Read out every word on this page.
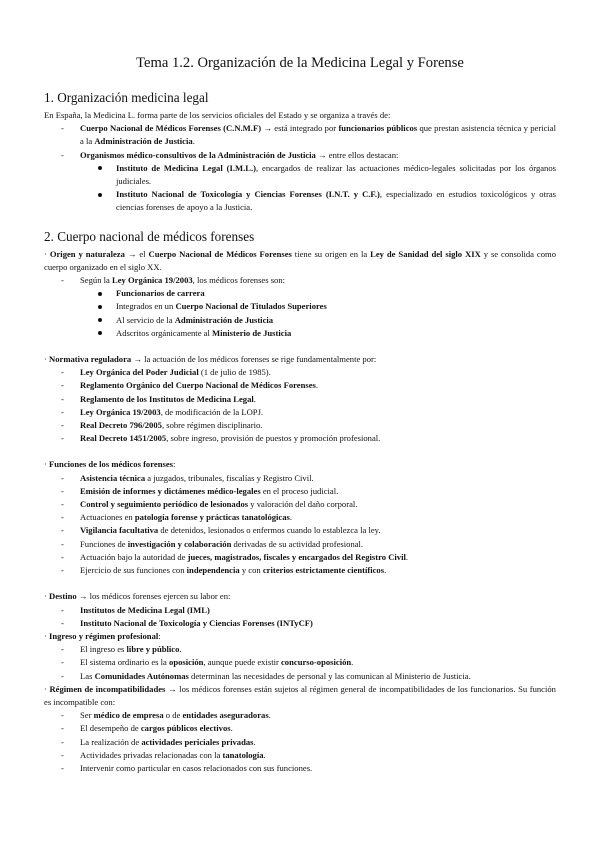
Tema 1.2. Organización de la Medicina Legal y Forense
1. Organización medicina legal

En España, la Medicina L. forma parte de los servicios oficiales del Estado y se organiza a través de:

- Cuerpo Nacional de Médicos Forenses (C.N.M.F) → está integrado por funcionarios públicos que prestan asistencia técnica y pericial a la Administración de Justicia.
- Organismos médico-consultivos de la Administración de Justicia → entre ellos destacan:
Instituto de Medicina Legal (I.M.L.), encargados de realizar las actuaciones médico-legales solicitadas por los órganos judiciales.
Instituto Nacional de Toxicología y Ciencias Forenses (I.N.T. y C.F.), especializado en estudios toxicológicos y otras ciencias forenses de apoyo a la Justicia.
2. Cuerpo nacional de médicos forenses

· Origen y naturaleza → el Cuerpo Nacional de Médicos Forenses tiene su origen en la Ley de Sanidad del siglo XIX y se consolida como cuerpo organizado en el siglo XX.

- Según la Ley Orgánica 19/2003, los médicos forenses son:
Funcionarios de carrera
Integrados en un Cuerpo Nacional de Titulados Superiores
Al servicio de la Administración de Justicia
Adscritos orgánicamente al Ministerio de Justicia

· Normativa reguladora → la actuación de los médicos forenses se rige fundamentalmente por:

- Ley Orgánica del Poder Judicial (1 de julio de 1985).
- Reglamento Orgánico del Cuerpo Nacional de Médicos Forenses.
- Reglamento de los Institutos de Medicina Legal.
- Ley Orgánica 19/2003, de modificación de la LOPJ.
- Real Decreto 796/2005, sobre régimen disciplinario.
- Real Decreto 1451/2005, sobre ingreso, provisión de puestos y promoción profesional.

· Funciones de los médicos forenses:

- Asistencia técnica a juzgados, tribunales, fiscalías y Registro Civil.
- Emisión de informes y dictámenes médico-legales en el proceso judicial.
- Control y seguimiento periódico de lesionados y valoración del daño corporal.
- Actuaciones en patología forense y prácticas tanatológicas.
- Vigilancia facultativa de detenidos, lesionados o enfermos cuando lo establezca la ley.
- Funciones de investigación y colaboración derivadas de su actividad profesional.
- Actuación bajo la autoridad de jueces, magistrados, fiscales y encargados del Registro Civil.
- Ejercicio de sus funciones con independencia y con criterios estrictamente científicos.

· Destino → los médicos forenses ejercen su labor en:

- Institutos de Medicina Legal (IML)
- Instituto Nacional de Toxicología y Ciencias Forenses (INTyCF)

· Ingreso y régimen profesional:

- El ingreso es libre y público.
- El sistema ordinario es la oposición, aunque puede existir concurso-oposición.
- Las Comunidades Autónomas determinan las necesidades de personal y las comunican al Ministerio de Justicia.

· Régimen de incompatibilidades → los médicos forenses están sujetos al régimen general de incompatibilidades de los funcionarios. Su función es incompatible con:

- Ser médico de empresa o de entidades aseguradoras.
- El desempeño de cargos públicos electivos.
- La realización de actividades periciales privadas.
- Actividades privadas relacionadas con la tanatología.
- Intervenir como particular en casos relacionados con sus funciones.
